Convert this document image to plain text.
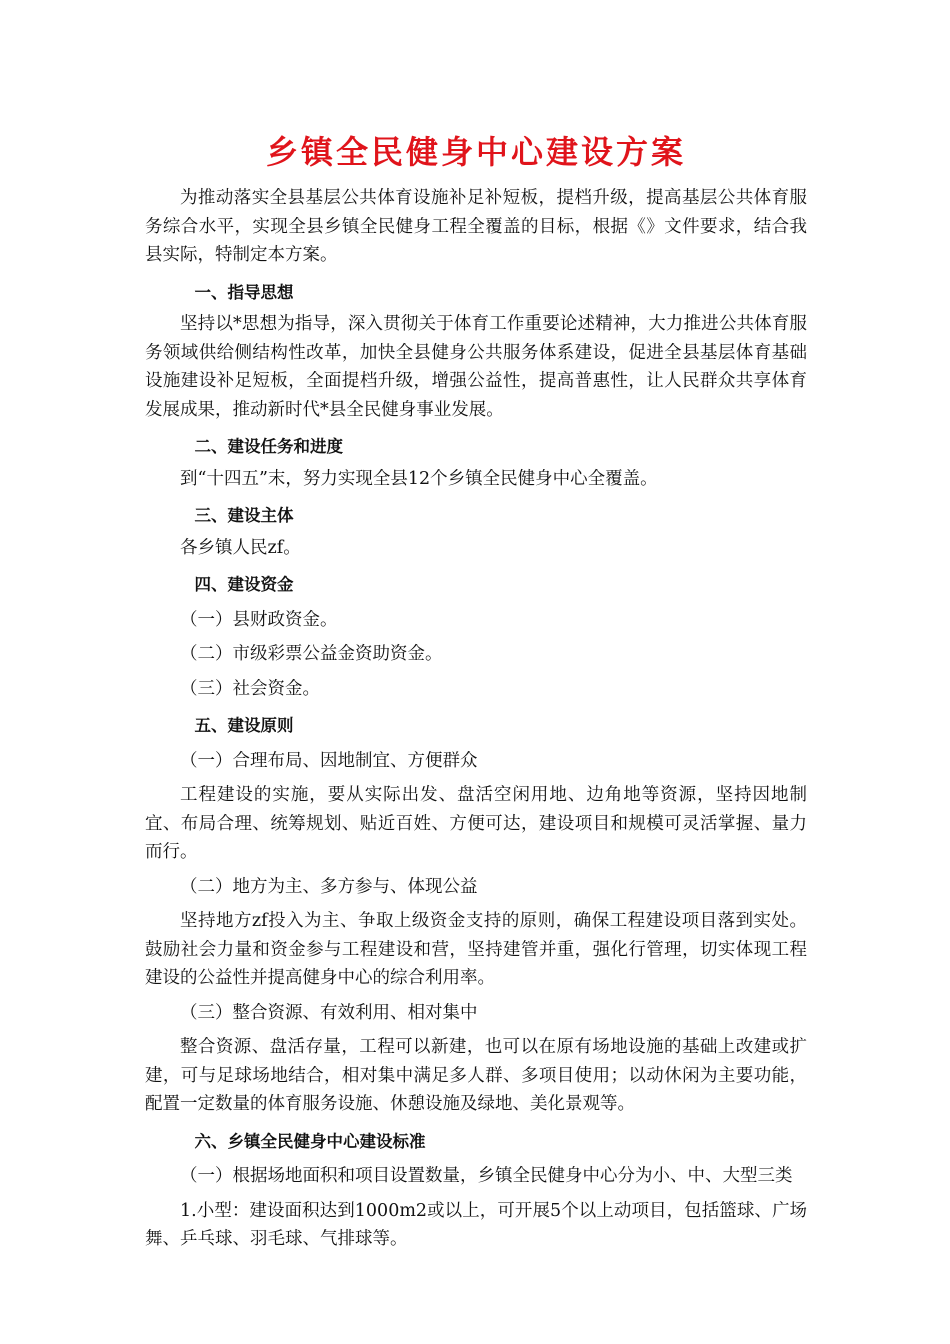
乡镇全民健身中心建设方案

为推动落实全县基层公共体育设施补足补短板，提档升级，提高基层公共体育服务综合水平，实现全县乡镇全民健身工程全覆盖的目标，根据《》文件要求，结合我县实际，特制定本方案。

一、指导思想

坚持以*思想为指导，深入贯彻关于体育工作重要论述精神，大力推进公共体育服务领域供给侧结构性改革，加快全县健身公共服务体系建设，促进全县基层体育基础设施建设补足短板，全面提档升级，增强公益性，提高普惠性，让人民群众共享体育发展成果，推动新时代*县全民健身事业发展。

二、建设任务和进度

到“十四五”末，努力实现全县12个乡镇全民健身中心全覆盖。

三、建设主体

各乡镇人民zf。

四、建设资金

（一）县财政资金。

（二）市级彩票公益金资助资金。

（三）社会资金。

五、建设原则

（一）合理布局、因地制宜、方便群众

工程建设的实施，要从实际出发、盘活空闲用地、边角地等资源，坚持因地制宜、布局合理、统筹规划、贴近百姓、方便可达，建设项目和规模可灵活掌握、量力而行。

（二）地方为主、多方参与、体现公益

坚持地方zf投入为主、争取上级资金支持的原则，确保工程建设项目落到实处。鼓励社会力量和资金参与工程建设和营，坚持建管并重，强化行管理，切实体现工程建设的公益性并提高健身中心的综合利用率。

（三）整合资源、有效利用、相对集中

整合资源、盘活存量，工程可以新建，也可以在原有场地设施的基础上改建或扩建，可与足球场地结合，相对集中满足多人群、多项目使用；以动休闲为主要功能，配置一定数量的体育服务设施、休憩设施及绿地、美化景观等。

六、乡镇全民健身中心建设标准

（一）根据场地面积和项目设置数量，乡镇全民健身中心分为小、中、大型三类

1.小型：建设面积达到1000m2或以上，可开展5个以上动项目，包括篮球、广场舞、乒乓球、羽毛球、气排球等。
